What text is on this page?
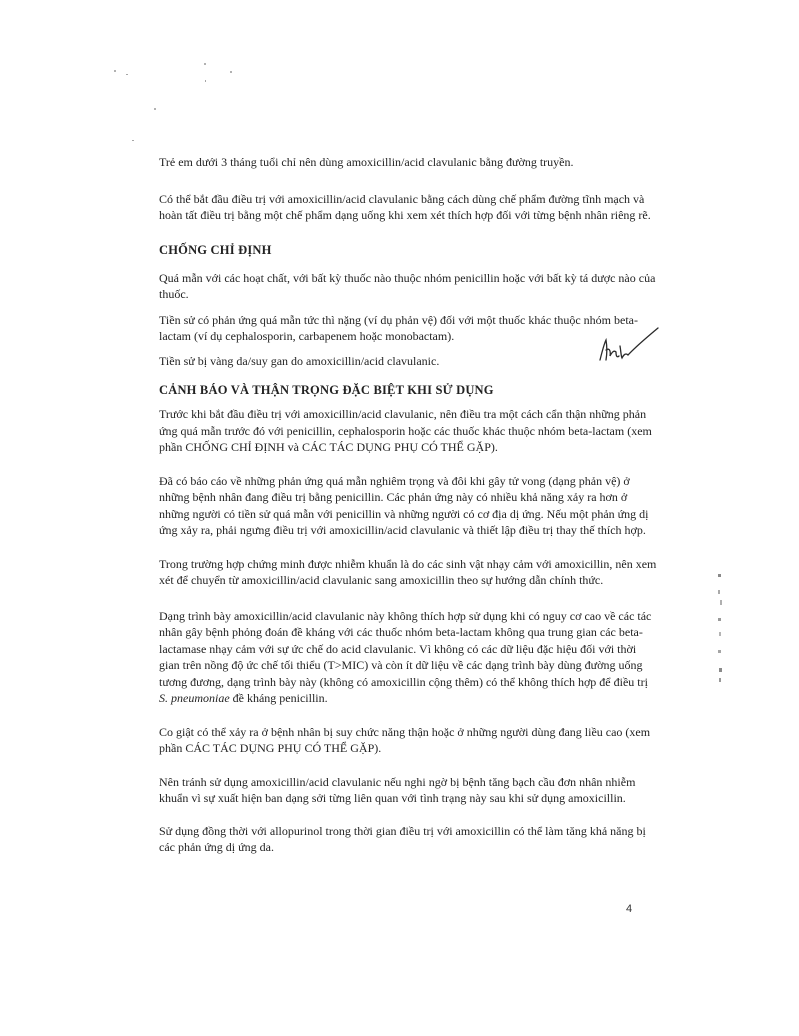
Trẻ em dưới 3 tháng tuổi chỉ nên dùng amoxicillin/acid clavulanic bằng đường truyền.

Có thể bắt đầu điều trị với amoxicillin/acid clavulanic bằng cách dùng chế phẩm đường tĩnh mạch và hoàn tất điều trị bằng một chế phẩm dạng uống khi xem xét thích hợp đối với từng bệnh nhân riêng rẽ.

CHỐNG CHỈ ĐỊNH

Quá mẫn với các hoạt chất, với bất kỳ thuốc nào thuộc nhóm penicillin hoặc với bất kỳ tá dược nào của thuốc.

Tiền sử có phản ứng quá mẫn tức thì nặng (ví dụ phản vệ) đối với một thuốc khác thuộc nhóm beta-lactam (ví dụ cephalosporin, carbapenem hoặc monobactam).

Tiền sử bị vàng da/suy gan do amoxicillin/acid clavulanic.

CẢNH BÁO VÀ THẬN TRỌNG ĐẶC BIỆT KHI SỬ DỤNG

Trước khi bắt đầu điều trị với amoxicillin/acid clavulanic, nên điều tra một cách cẩn thận những phản ứng quá mẫn trước đó với penicillin, cephalosporin hoặc các thuốc khác thuộc nhóm beta-lactam (xem phần CHỐNG CHỈ ĐỊNH và CÁC TÁC DỤNG PHỤ CÓ THỂ GẶP).

Đã có báo cáo về những phản ứng quá mẫn nghiêm trọng và đôi khi gây tử vong (dạng phản vệ) ở những bệnh nhân đang điều trị bằng penicillin. Các phản ứng này có nhiều khả năng xảy ra hơn ở những người có tiền sử quá mẫn với penicillin và những người có cơ địa dị ứng. Nếu một phản ứng dị ứng xảy ra, phải ngưng điều trị với amoxicillin/acid clavulanic và thiết lập điều trị thay thế thích hợp.

Trong trường hợp chứng minh được nhiễm khuẩn là do các sinh vật nhạy cảm với amoxicillin, nên xem xét để chuyển từ amoxicillin/acid clavulanic sang amoxicillin theo sự hướng dẫn chính thức.

Dạng trình bày amoxicillin/acid clavulanic này không thích hợp sử dụng khi có nguy cơ cao về các tác nhân gây bệnh phỏng đoán đề kháng với các thuốc nhóm beta-lactam không qua trung gian các beta-lactamase nhạy cảm với sự ức chế do acid clavulanic. Vì không có các dữ liệu đặc hiệu đối với thời gian trên nồng độ ức chế tối thiểu (T>MIC) và còn ít dữ liệu về các dạng trình bày dùng đường uống tương đương, dạng trình bày này (không có amoxicillin cộng thêm) có thể không thích hợp để điều trị S. pneumoniae đề kháng penicillin.

Co giật có thể xảy ra ở bệnh nhân bị suy chức năng thận hoặc ở những người dùng đang liều cao (xem phần CÁC TÁC DỤNG PHỤ CÓ THỂ GẶP).

Nên tránh sử dụng amoxicillin/acid clavulanic nếu nghi ngờ bị bệnh tăng bạch cầu đơn nhân nhiễm khuẩn vì sự xuất hiện ban dạng sởi từng liên quan với tình trạng này sau khi sử dụng amoxicillin.

Sử dụng đồng thời với allopurinol trong thời gian điều trị với amoxicillin có thể làm tăng khả năng bị các phản ứng dị ứng da.

4
